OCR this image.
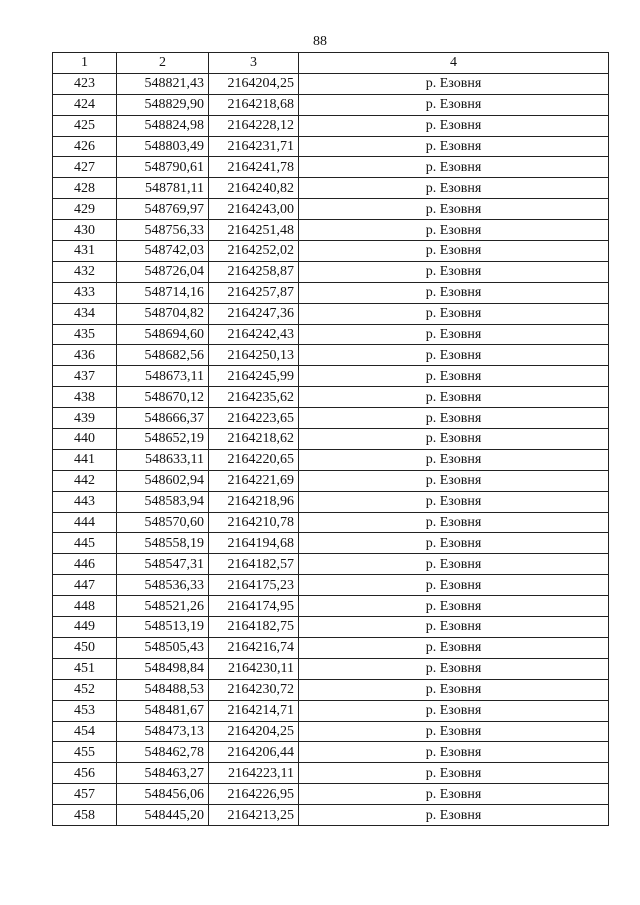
88
1	2	3	4
423	548821,43	2164204,25	р. Езовня
424	548829,90	2164218,68	р. Езовня
425	548824,98	2164228,12	р. Езовня
426	548803,49	2164231,71	р. Езовня
427	548790,61	2164241,78	р. Езовня
428	548781,11	2164240,82	р. Езовня
429	548769,97	2164243,00	р. Езовня
430	548756,33	2164251,48	р. Езовня
431	548742,03	2164252,02	р. Езовня
432	548726,04	2164258,87	р. Езовня
433	548714,16	2164257,87	р. Езовня
434	548704,82	2164247,36	р. Езовня
435	548694,60	2164242,43	р. Езовня
436	548682,56	2164250,13	р. Езовня
437	548673,11	2164245,99	р. Езовня
438	548670,12	2164235,62	р. Езовня
439	548666,37	2164223,65	р. Езовня
440	548652,19	2164218,62	р. Езовня
441	548633,11	2164220,65	р. Езовня
442	548602,94	2164221,69	р. Езовня
443	548583,94	2164218,96	р. Езовня
444	548570,60	2164210,78	р. Езовня
445	548558,19	2164194,68	р. Езовня
446	548547,31	2164182,57	р. Езовня
447	548536,33	2164175,23	р. Езовня
448	548521,26	2164174,95	р. Езовня
449	548513,19	2164182,75	р. Езовня
450	548505,43	2164216,74	р. Езовня
451	548498,84	2164230,11	р. Езовня
452	548488,53	2164230,72	р. Езовня
453	548481,67	2164214,71	р. Езовня
454	548473,13	2164204,25	р. Езовня
455	548462,78	2164206,44	р. Езовня
456	548463,27	2164223,11	р. Езовня
457	548456,06	2164226,95	р. Езовня
458	548445,20	2164213,25	р. Езовня
